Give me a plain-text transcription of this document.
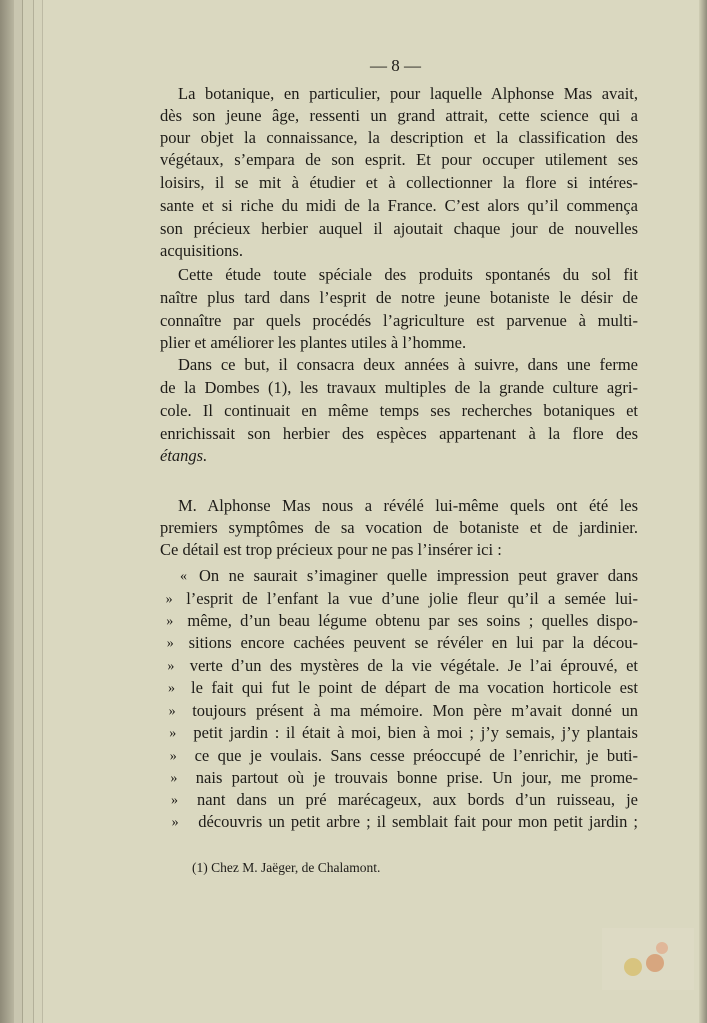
— 8 —
La botanique, en particulier, pour laquelle Alphonse Mas avait,
dès son jeune âge, ressenti un grand attrait, cette science qui a
pour objet la connaissance, la description et la classification des
végétaux, s’empara de son esprit. Et pour occuper utilement ses
loisirs, il se mit à étudier et à collectionner la flore si intéres-
sante et si riche du midi de la France. C’est alors qu’il commença
son précieux herbier auquel il ajoutait chaque jour de nouvelles
acquisitions.
Cette étude toute spéciale des produits spontanés du sol fit
naître plus tard dans l’esprit de notre jeune botaniste le désir de
connaître par quels procédés l’agriculture est parvenue à multi-
plier et améliorer les plantes utiles à l’homme.
Dans ce but, il consacra deux années à suivre, dans une ferme
de la Dombes (1), les travaux multiples de la grande culture agri-
cole. Il continuait en même temps ses recherches botaniques et
enrichissait son herbier des espèces appartenant à la flore des
étangs.
M. Alphonse Mas nous a révélé lui-même quels ont été les
premiers symptômes de sa vocation de botaniste et de jardinier.
Ce détail est trop précieux pour ne pas l’insérer ici :
« On ne saurait s’imaginer quelle impression peut graver dans
» l’esprit de l’enfant la vue d’une jolie fleur qu’il a semée lui-
» même, d’un beau légume obtenu par ses soins ; quelles dispo-
» sitions encore cachées peuvent se révéler en lui par la décou-
» verte d’un des mystères de la vie végétale. Je l’ai éprouvé, et
» le fait qui fut le point de départ de ma vocation horticole est
» toujours présent à ma mémoire. Mon père m’avait donné un
» petit jardin : il était à moi, bien à moi ; j’y semais, j’y plantais
» ce que je voulais. Sans cesse préoccupé de l’enrichir, je buti-
» nais partout où je trouvais bonne prise. Un jour, me prome-
» nant dans un pré marécageux, aux bords d’un ruisseau, je
» découvris un petit arbre ; il semblait fait pour mon petit jardin ;
(1) Chez M. Jaëger, de Chalamont.
